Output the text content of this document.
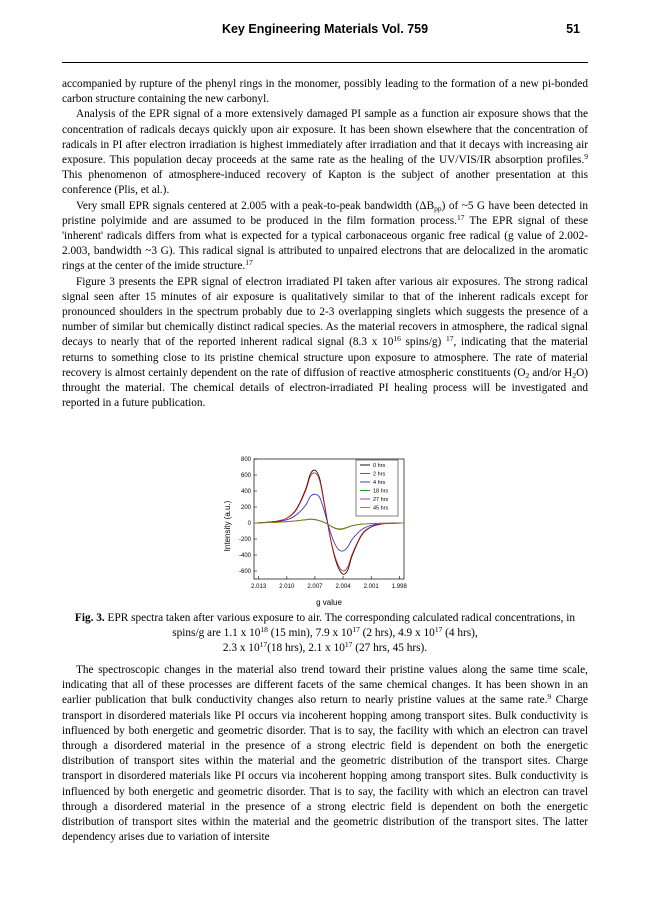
Key Engineering Materials Vol. 759	51

accompanied by rupture of the phenyl rings in the monomer, possibly leading to the formation of a new pi-bonded carbon structure containing the new carbonyl.

Analysis of the EPR signal of a more extensively damaged PI sample as a function air exposure shows that the concentration of radicals decays quickly upon air exposure. It has been shown elsewhere that the concentration of radicals in PI after electron irradiation is highest immediately after irradiation and that it decays with increasing air exposure. This population decay proceeds at the same rate as the healing of the UV/VIS/IR absorption profiles.$^9$ This phenomenon of atmosphere-induced recovery of Kapton is the subject of another presentation at this conference (Plis, et al.).

Very small EPR signals centered at 2.005 with a peak-to-peak bandwidth $(\Delta B_{pp})$ of ~5 G have been detected in pristine polyimide and are assumed to be produced in the film formation process.$^{17}$ The EPR signal of these 'inherent' radicals differs from what is expected for a typical carbonaceous organic free radical (g value of 2.002-2.003, bandwidth ~3 G). This radical signal is attributed to unpaired electrons that are delocalized in the aromatic rings at the center of the imide structure.$^{17}$

Figure 3 presents the EPR signal of electron irradiated PI taken after various air exposures. The strong radical signal seen after 15 minutes of air exposure is qualitatively similar to that of the inherent radicals except for pronounced shoulders in the spectrum probably due to 2-3 overlapping singlets which suggests the presence of a number of similar but chemically distinct radical species. As the material recovers in atmosphere, the radical signal decays to nearly that of the reported inherent radical signal (8.3 x $10^{16}$ spins/g) $^{17}$, indicating that the material returns to something close to its pristine chemical structure upon exposure to atmosphere. The rate of material recovery is almost certainly dependent on the rate of diffusion of reactive atmospheric constituents ($O_2$ and/or $H_2O$) throught the material. The chemical details of electron-irradiated PI healing process will be investigated and reported in a future publication.

800
600
400
200
0
-200
-400
-600
2.013 2.010 2.007 2.004 2.001 1.998
0 hrs
2 hrs
4 hrs
18 hrs
27 hrs
45 hrs
Intensity (a.u.)
g value
Fig. 3. EPR spectra taken after various exposure to air. The corresponding calculated radical concentrations, in spins/g are 1.1 x $10^{18}$ (15 min), 7.9 x $10^{17}$ (2 hrs), 4.9 x $10^{17}$ (4 hrs),
2.3 x $10^{17}(18$ hrs), 2.1 x $10^{17}$ (27 hrs, 45 hrs).

The spectroscopic changes in the material also trend toward their pristine values along the same time scale, indicating that all of these processes are different facets of the same chemical changes. It has been shown in an earlier publication that bulk conductivity changes also return to nearly pristine values at the same rate.$^9$ Charge transport in disordered materials like PI occurs via incoherent hopping among transport sites. Bulk conductivity is influenced by both energetic and geometric disorder. That is to say, the facility with which an electron can travel through a disordered material in the presence of a strong electric field is dependent on both the energetic distribution of transport sites within the material and the geometric distribution of the transport sites. Charge transport in disordered materials like PI occurs via incoherent hopping among transport sites. Bulk conductivity is influenced by both energetic and geometric disorder. That is to say, the facility with which an electron can travel through a disordered material in the presence of a strong electric field is dependent on both the energetic distribution of transport sites within the material and the geometric distribution of the transport sites. The latter dependency arises due to variation of intersite
